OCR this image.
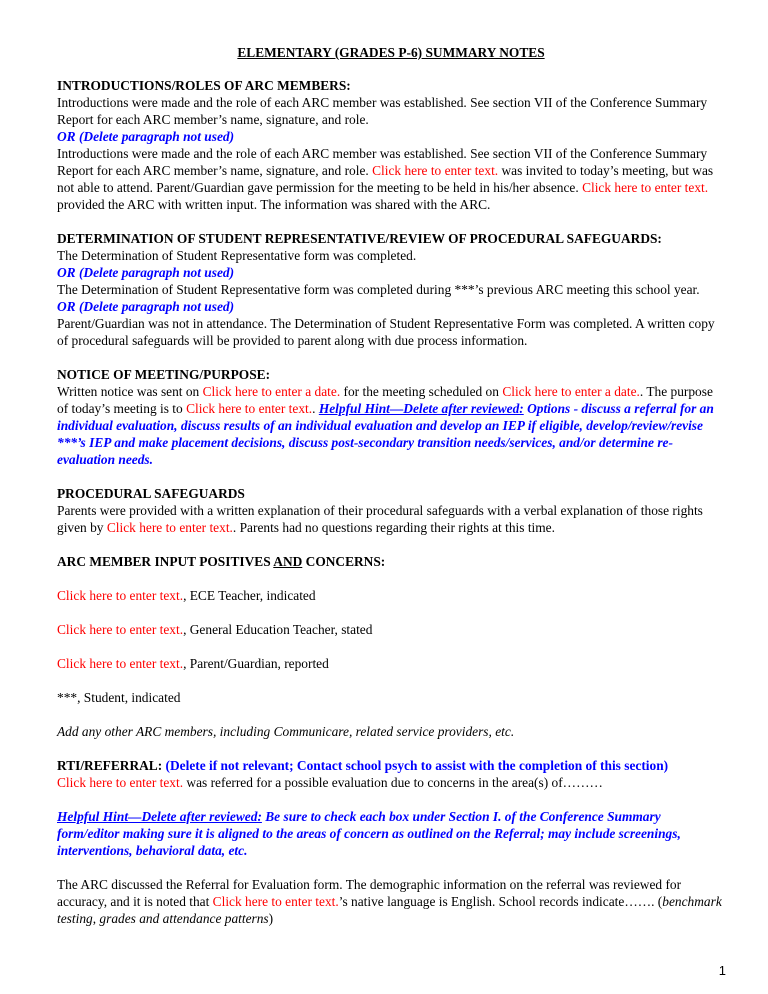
ELEMENTARY (GRADES P-6) SUMMARY NOTES

INTRODUCTIONS/ROLES OF ARC MEMBERS:

Introductions were made and the role of each ARC member was established. See section VII of the Conference Summary Report for each ARC member’s name, signature, and role.

OR (Delete paragraph not used)

Introductions were made and the role of each ARC member was established. See section VII of the Conference Summary Report for each ARC member’s name, signature, and role. Click here to enter text. was invited to today’s meeting, but was not able to attend. Parent/Guardian gave permission for the meeting to be held in his/her absence. Click here to enter text. provided the ARC with written input. The information was shared with the ARC.

DETERMINATION OF STUDENT REPRESENTATIVE/REVIEW OF PROCEDURAL SAFEGUARDS:

The Determination of Student Representative form was completed.

OR (Delete paragraph not used)

The Determination of Student Representative form was completed during ***’s previous ARC meeting this school year.

OR (Delete paragraph not used)

Parent/Guardian was not in attendance. The Determination of Student Representative Form was completed. A written copy of procedural safeguards will be provided to parent along with due process information.

NOTICE OF MEETING/PURPOSE:

Written notice was sent on Click here to enter a date. for the meeting scheduled on Click here to enter a date.. The purpose of today’s meeting is to Click here to enter text.. Helpful Hint—Delete after reviewed: Options - discuss a referral for an individual evaluation, discuss results of an individual evaluation and develop an IEP if eligible, develop/review/revise ***’s IEP and make placement decisions, discuss post-secondary transition needs/services, and/or determine re-evaluation needs.

PROCEDURAL SAFEGUARDS

Parents were provided with a written explanation of their procedural safeguards with a verbal explanation of those rights given by Click here to enter text.. Parents had no questions regarding their rights at this time.

ARC MEMBER INPUT POSITIVES AND CONCERNS:

Click here to enter text., ECE Teacher, indicated

Click here to enter text., General Education Teacher, stated

Click here to enter text., Parent/Guardian, reported

***, Student, indicated

Add any other ARC members, including Communicare, related service providers, etc.

RTI/REFERRAL: (Delete if not relevant; Contact school psych to assist with the completion of this section)

Click here to enter text. was referred for a possible evaluation due to concerns in the area(s) of………

Helpful Hint—Delete after reviewed: Be sure to check each box under Section I. of the Conference Summary form/editor making sure it is aligned to the areas of concern as outlined on the Referral; may include screenings, interventions, behavioral data, etc.

The ARC discussed the Referral for Evaluation form. The demographic information on the referral was reviewed for accuracy, and it is noted that Click here to enter text.’s native language is English. School records indicate……. (benchmark testing, grades and attendance patterns)

1
